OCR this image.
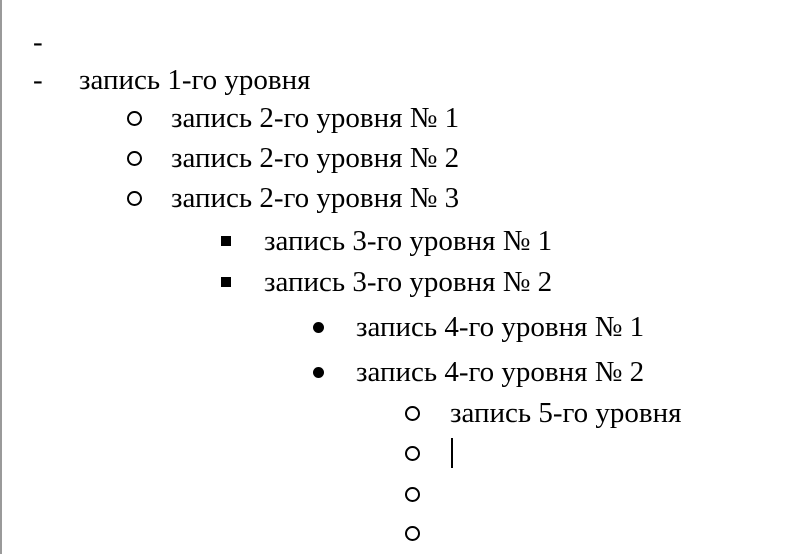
-
- запись 1-го уровня
запись 2-го уровня № 1
запись 2-го уровня № 2
запись 2-го уровня № 3
запись 3-го уровня № 1
запись 3-го уровня № 2
запись 4-го уровня № 1
запись 4-го уровня № 2
запись 5-го уровня
